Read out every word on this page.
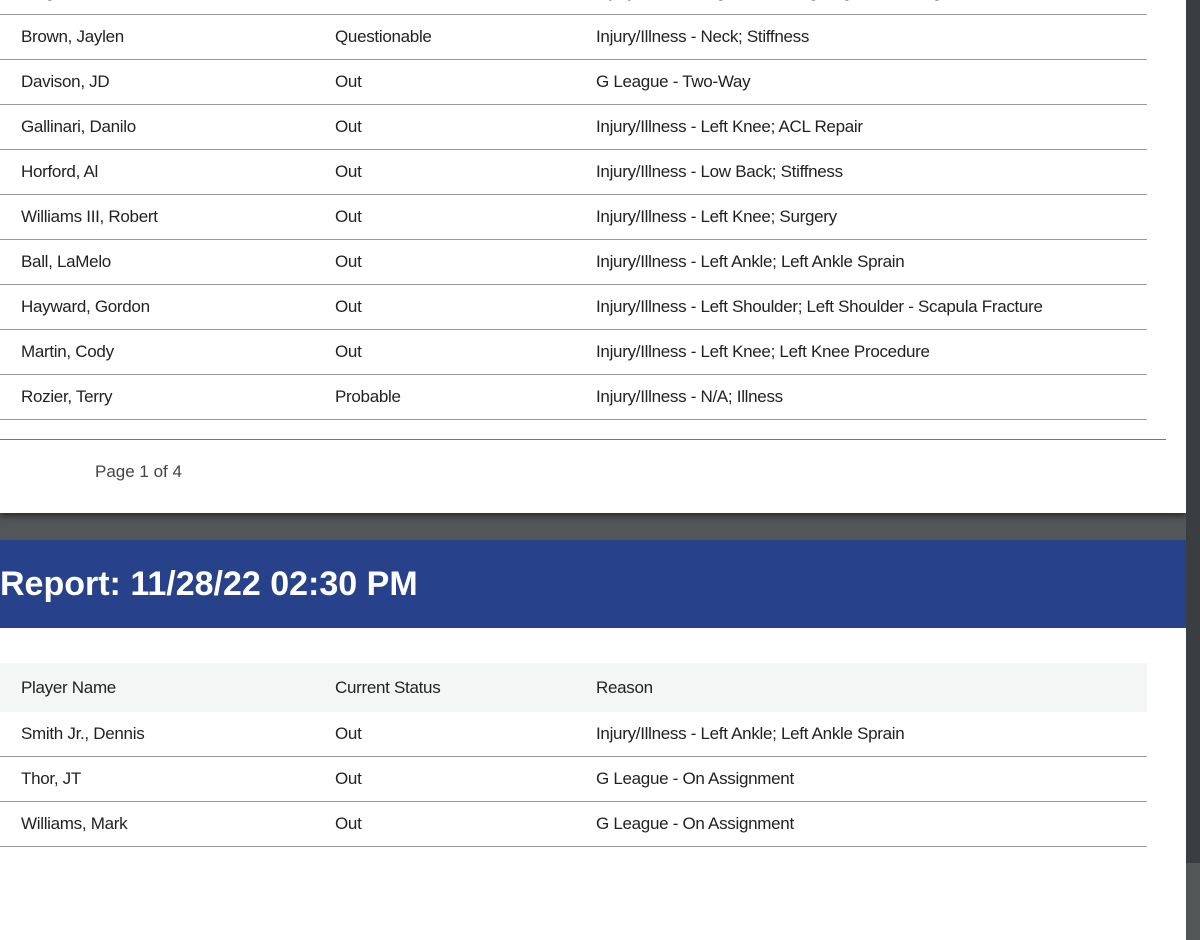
Brown, Jaylen	Questionable	Injury/Illness - Neck; Stiffness
Davison, JD	Out	G League - Two-Way
Gallinari, Danilo	Out	Injury/Illness - Left Knee; ACL Repair
Horford, Al	Out	Injury/Illness - Low Back; Stiffness
Williams III, Robert	Out	Injury/Illness - Left Knee; Surgery
Ball, LaMelo	Out	Injury/Illness - Left Ankle; Left Ankle Sprain
Hayward, Gordon	Out	Injury/Illness - Left Shoulder; Left Shoulder - Scapula Fracture
Martin, Cody	Out	Injury/Illness - Left Knee; Left Knee Procedure
Rozier, Terry	Probable	Injury/Illness - N/A; Illness
Page 1 of 4
Report: 11/28/22 02:30 PM
Player Name	Current Status	Reason
Smith Jr., Dennis	Out	Injury/Illness - Left Ankle; Left Ankle Sprain
Thor, JT	Out	G League - On Assignment
Williams, Mark	Out	G League - On Assignment
